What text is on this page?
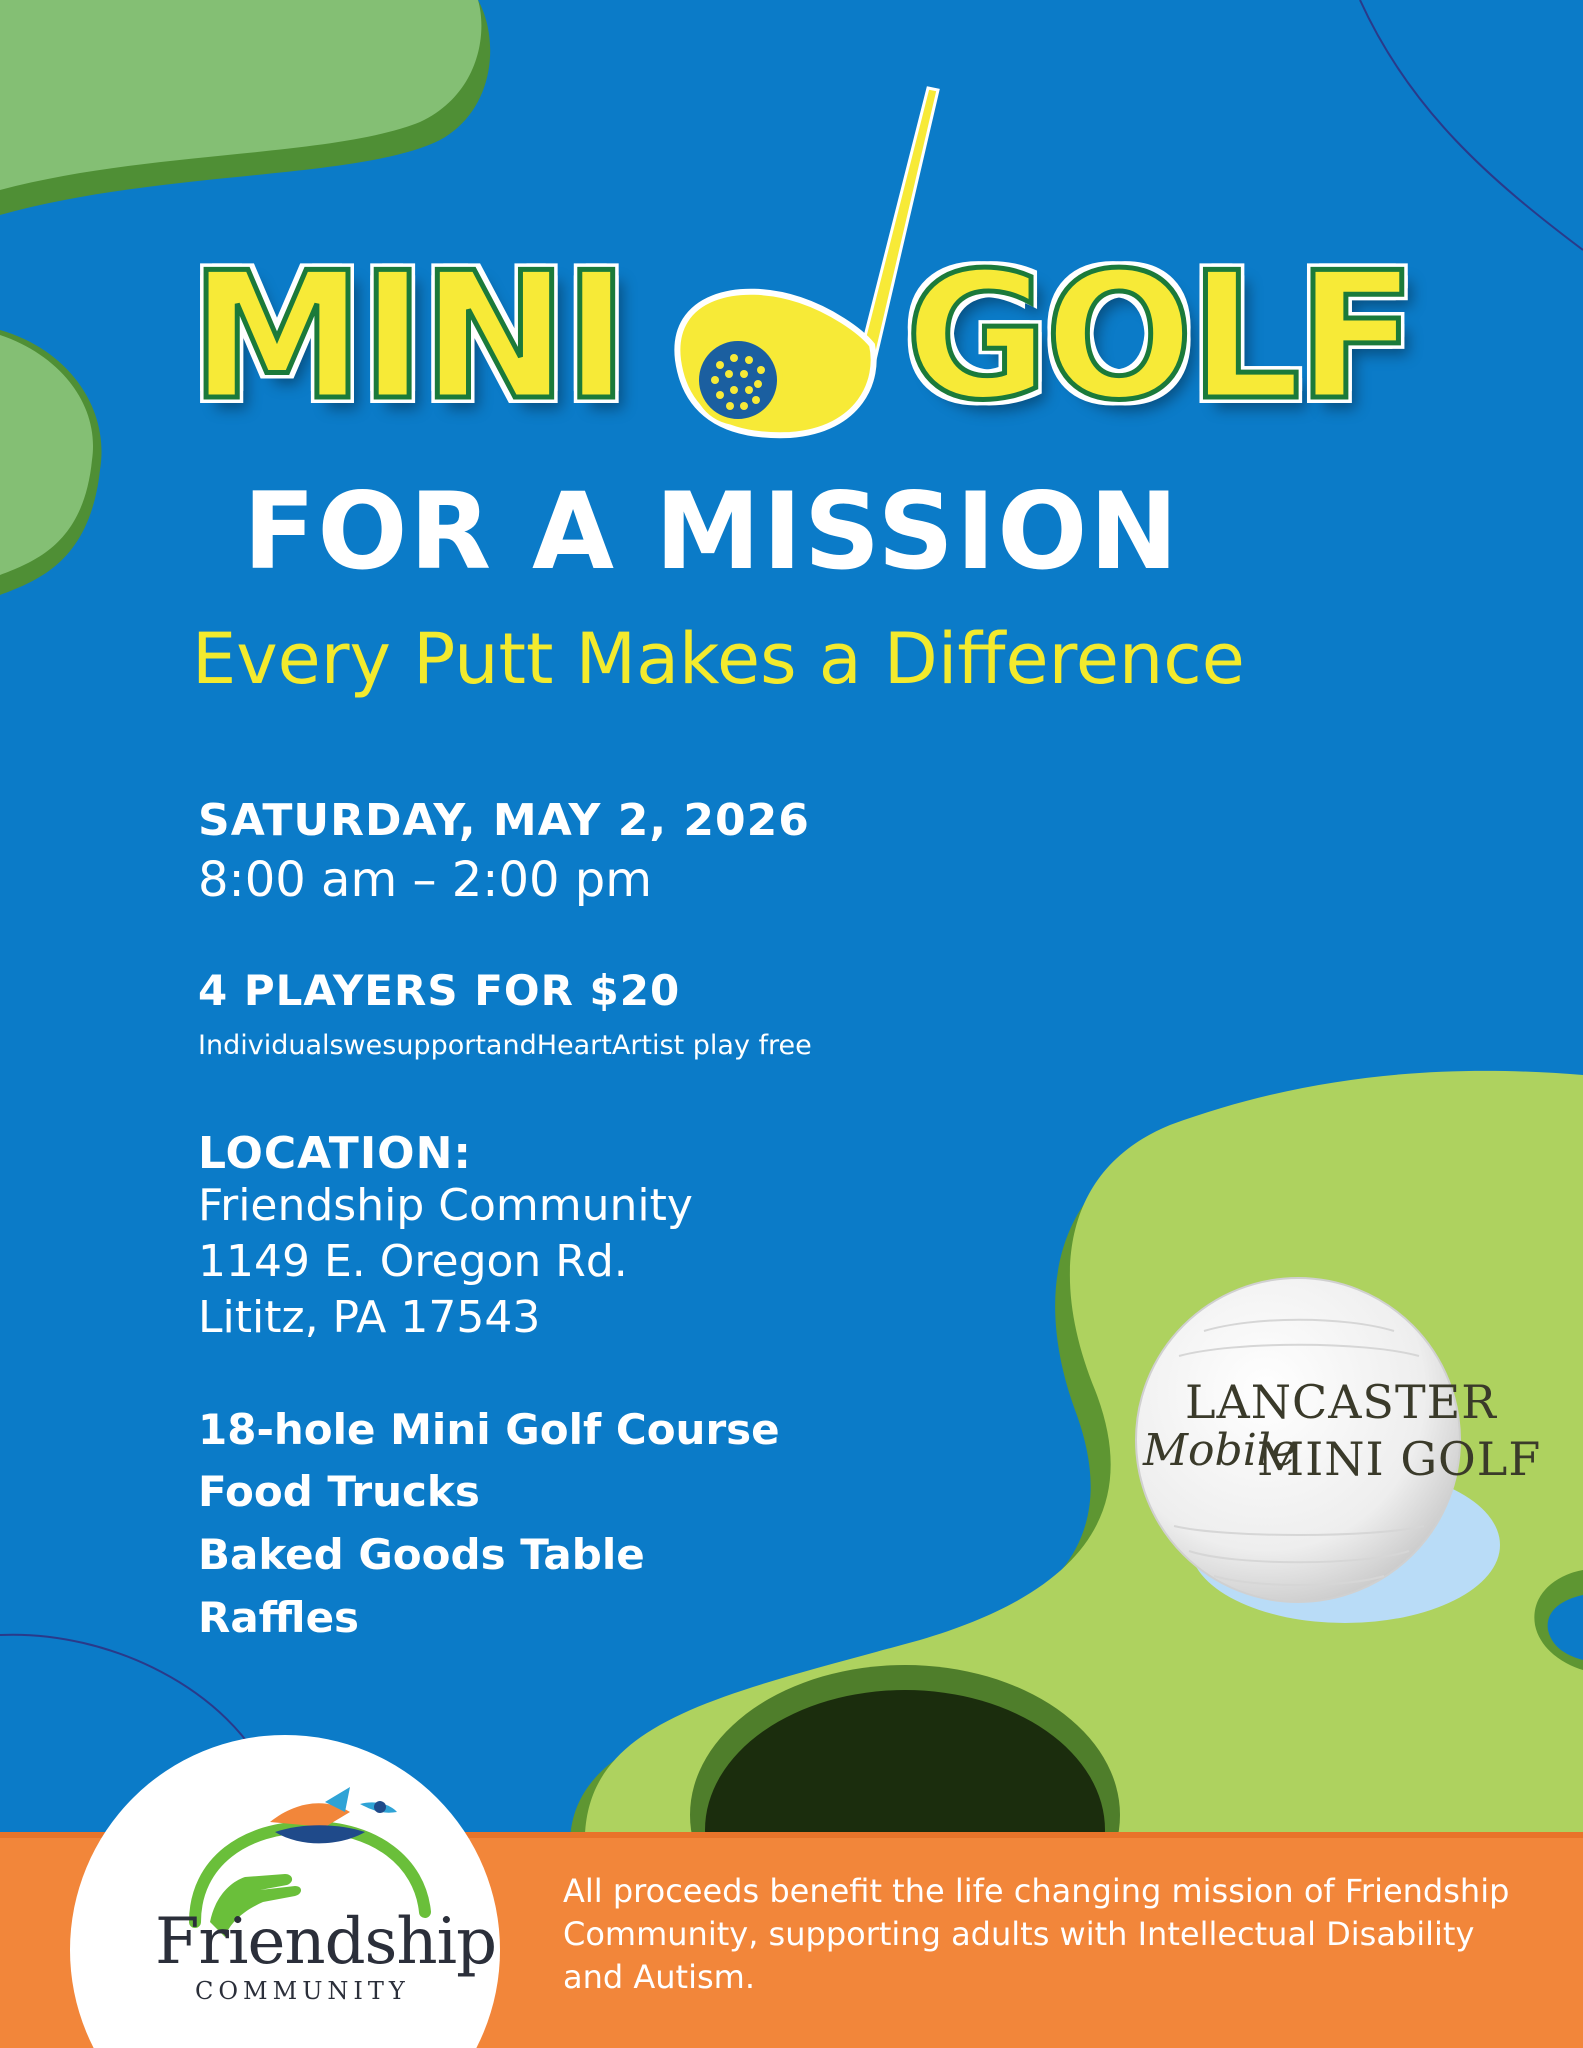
MINI GOLF
FOR A MISSION
Every Putt Makes a Difference
SATURDAY, MAY 2, 2026
8:00 am – 2:00 pm
4 PLAYERS FOR $20
IndividualswesupportandHeartArtist play free
LOCATION:
Friendship Community
1149 E. Oregon Rd.
Lititz, PA 17543
18-hole Mini Golf Course
Food Trucks
Baked Goods Table
Raffles
LANCASTER
Mobile
MINI GOLF
Friendship
COMMUNITY
All proceeds benefit the life changing mission of Friendship Community, supporting adults with Intellectual Disability and Autism.
